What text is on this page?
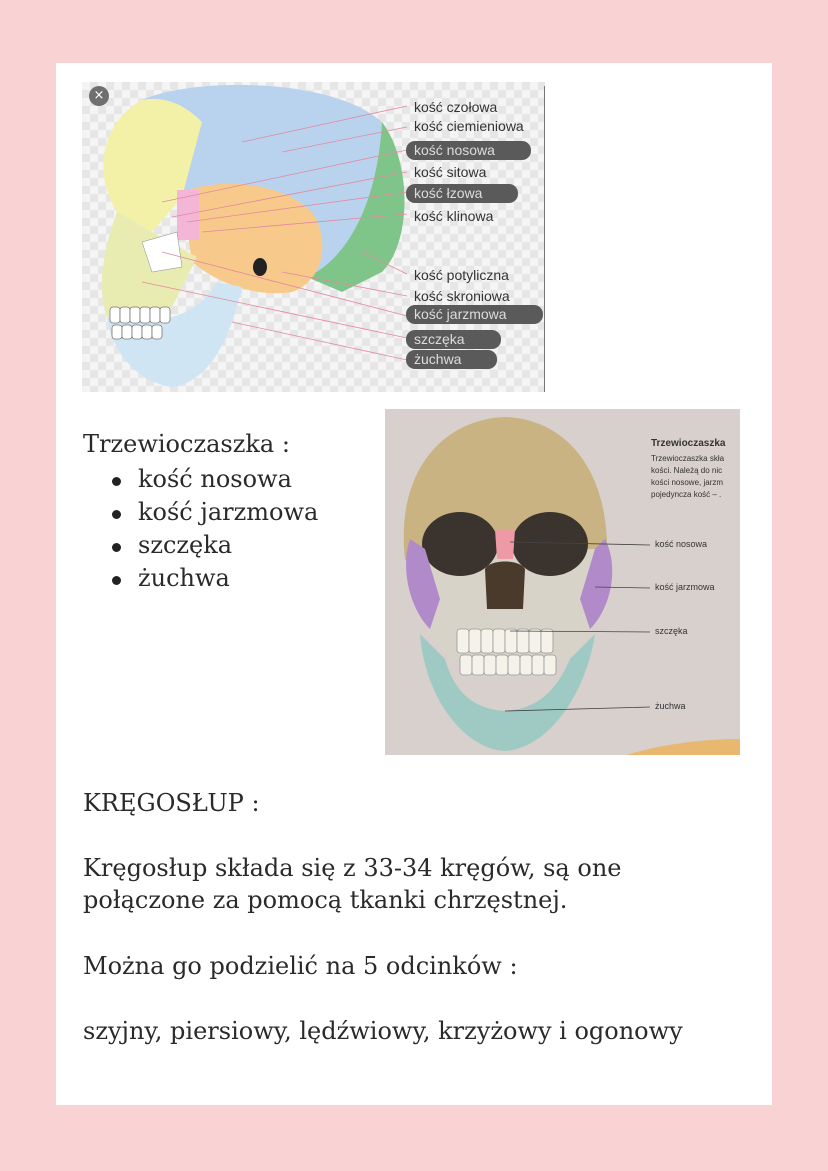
×
kość czołowa
kość ciemieniowa
kość nosowa
kość sitowa
kość łzowa
kość klinowa
kość potyliczna
kość skroniowa
kość jarzmowa
szczęka
żuchwa
Trzewioczaszka :
kość nosowa
kość jarzmowa
szczęka
żuchwa
Trzewioczaszka
Trzewioczaszka skła
kości. Należą do nic
kości nosowe, jarzm
pojedyncza kość – .
kość nosowa
kość jarzmowa
szczęka
żuchwa
KRĘGOSŁUP :
Kręgosłup składa się z 33-34 kręgów, są one
połączone za pomocą tkanki chrzęstnej.
Można go podzielić na 5 odcinków :
szyjny, piersiowy, lędźwiowy, krzyżowy i ogonowy
